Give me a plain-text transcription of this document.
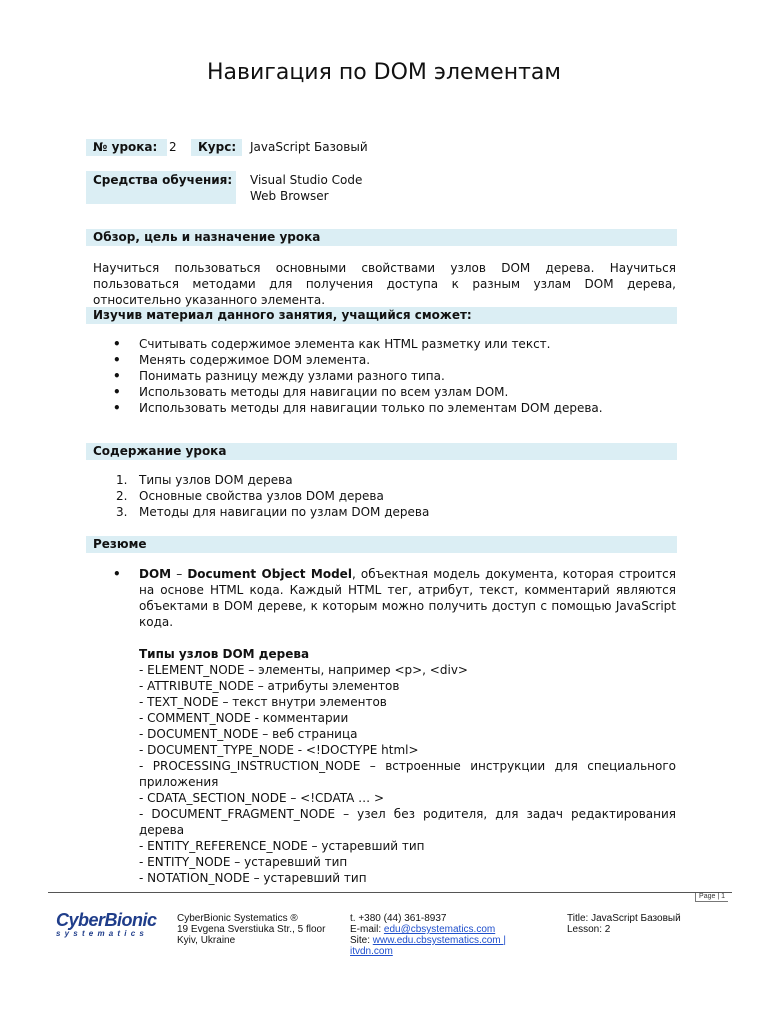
Навигация по DOM элементам
№ урока: 2	Курс:	JavaScript Базовый
Средства обучения:	Visual Studio Code
Web Browser
Обзор, цель и назначение урока
Научиться пользоваться основными свойствами узлов DOM дерева. Научиться пользоваться методами для получения доступа к разным узлам DOM дерева, относительно указанного элемента.
Изучив материал данного занятия, учащийся сможет:
• Считывать содержимое элемента как HTML разметку или текст.
• Менять содержимое DOM элемента.
• Понимать разницу между узлами разного типа.
• Использовать методы для навигации по всем узлам DOM.
• Использовать методы для навигации только по элементам DOM дерева.
Содержание урока
1. Типы узлов DOM дерева
2. Основные свойства узлов DOM дерева
3. Методы для навигации по узлам DOM дерева
Резюме
• DOM – Document Object Model, объектная модель документа, которая строится на основе HTML кода. Каждый HTML тег, атрибут, текст, комментарий являются объектами в DOM дереве, к которым можно получить доступ с помощью JavaScript кода.
Типы узлов DOM дерева
- ELEMENT_NODE – элементы, например <p>, <div>
- ATTRIBUTE_NODE – атрибуты элементов
- TEXT_NODE – текст внутри элементов
- COMMENT_NODE - комментарии
- DOCUMENT_NODE – веб страница
- DOCUMENT_TYPE_NODE - <!DOCTYPE html>
- PROCESSING_INSTRUCTION_NODE – встроенные инструкции для специального приложения
- CDATA_SECTION_NODE – <!CDATA … >
- DOCUMENT_FRAGMENT_NODE – узел без родителя, для задач редактирования дерева
- ENTITY_REFERENCE_NODE – устаревший тип
- ENTITY_NODE – устаревший тип
- NOTATION_NODE – устаревший тип
Page | 1
CyberBionic
systematics
CyberBionic Systematics ®
19 Evgena Sverstiuka Str., 5 floor
Kyiv, Ukraine
t. +380 (44) 361-8937
E-mail: edu@cbsystematics.com
Site: www.edu.cbsystematics.com |
itvdn.com
Title: JavaScript Базовый
Lesson: 2
